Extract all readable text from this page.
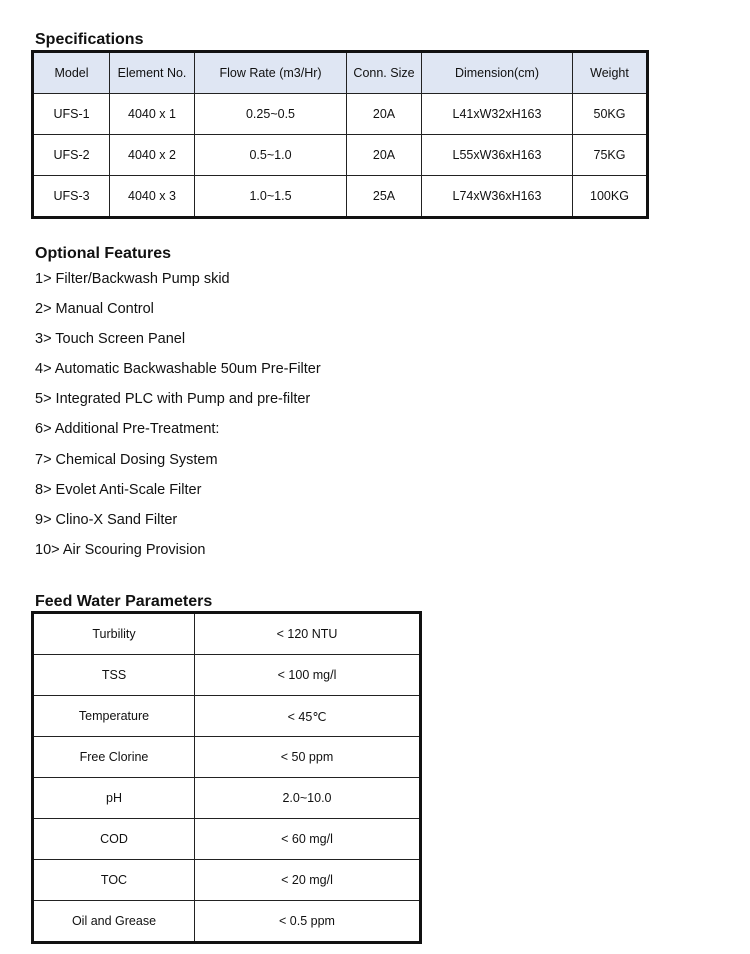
Specifications
Model	Element No.	Flow Rate (m3/Hr)	Conn. Size	Dimension(cm)	Weight
UFS-1	4040 x 1	0.25~0.5	20A	L41xW32xH163	50KG
UFS-2	4040 x 2	0.5~1.0	20A	L55xW36xH163	75KG
UFS-3	4040 x 3	1.0~1.5	25A	L74xW36xH163	100KG
Optional Features
1> Filter/Backwash Pump skid
2> Manual Control
3> Touch Screen Panel
4> Automatic Backwashable 50um Pre-Filter
5> Integrated PLC with Pump and pre-filter
6> Additional Pre-Treatment:
7> Chemical Dosing System
8> Evolet Anti-Scale Filter
9> Clino-X Sand Filter
10> Air Scouring Provision
Feed Water Parameters
Turbility	< 120 NTU
TSS	< 100 mg/l
Temperature	< 45℃
Free Clorine	< 50 ppm
pH	2.0~10.0
COD	< 60 mg/l
TOC	< 20 mg/l
Oil and Grease	< 0.5 ppm
